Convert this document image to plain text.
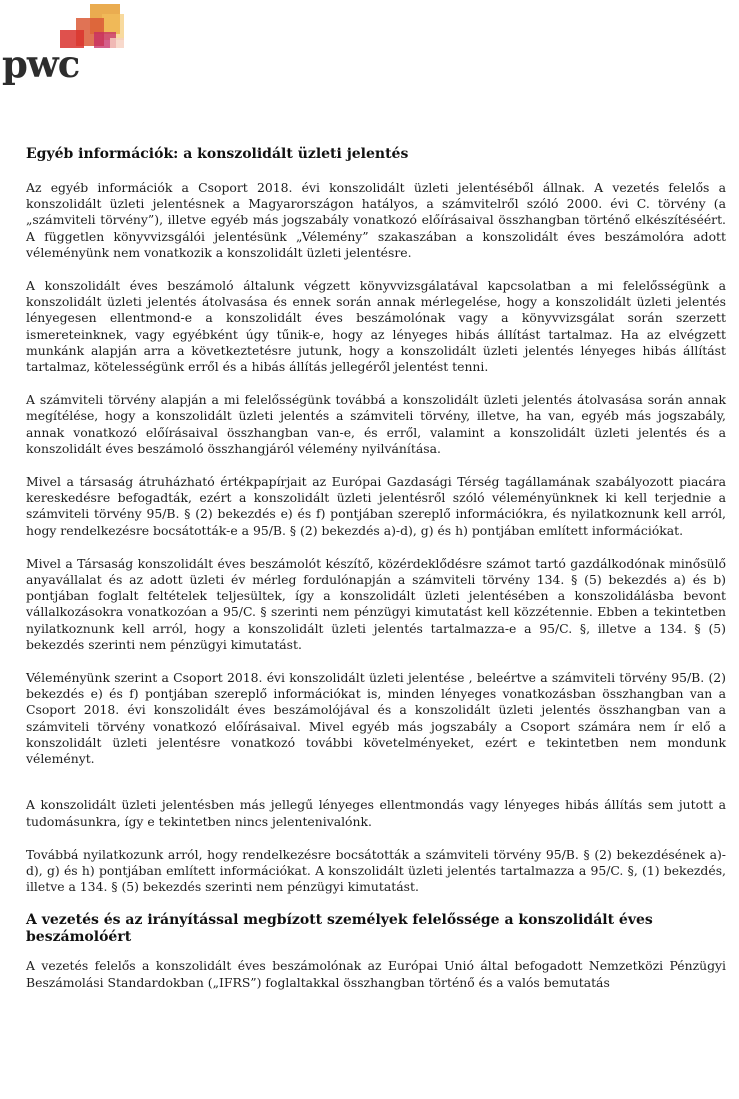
pwc
Egyéb információk: a konszolidált üzleti jelentés

Az egyéb információk a Csoport 2018. évi konszolidált üzleti jelentéséből állnak. A vezetés felelős a konszolidált üzleti jelentésnek a Magyarországon hatályos, a számvitelről szóló 2000. évi C. törvény (a „számviteli törvény”), illetve egyéb más jogszabály vonatkozó előírásaival összhangban történő elkészítéséért. A független könyvvizsgálói jelentésünk „Vélemény” szakaszában a konszolidált éves beszámolóra adott véleményünk nem vonatkozik a konszolidált üzleti jelentésre.

A konszolidált éves beszámoló általunk végzett könyvvizsgálatával kapcsolatban a mi felelősségünk a konszolidált üzleti jelentés átolvasása és ennek során annak mérlegelése, hogy a konszolidált üzleti jelentés lényegesen ellentmond-e a konszolidált éves beszámolónak vagy a könyvvizsgálat során szerzett ismereteinknek, vagy egyébként úgy tűnik-e, hogy az lényeges hibás állítást tartalmaz. Ha az elvégzett munkánk alapján arra a következtetésre jutunk, hogy a konszolidált üzleti jelentés lényeges hibás állítást tartalmaz, kötelességünk erről és a hibás állítás jellegéről jelentést tenni.

A számviteli törvény alapján a mi felelősségünk továbbá a konszolidált üzleti jelentés átolvasása során annak megítélése, hogy a konszolidált üzleti jelentés a számviteli törvény, illetve, ha van, egyéb más jogszabály, annak vonatkozó előírásaival összhangban van-e, és erről, valamint a konszolidált üzleti jelentés és a konszolidált éves beszámoló összhangjáról vélemény nyilvánítása.

Mivel a társaság átruházható értékpapírjait az Európai Gazdasági Térség tagállamának szabályozott piacára kereskedésre befogadták, ezért a konszolidált üzleti jelentésről szóló véleményünknek ki kell terjednie a számviteli törvény 95/B. § (2) bekezdés e) és f) pontjában szereplő információkra, és nyilatkoznunk kell arról, hogy rendelkezésre bocsátották-e a 95/B. § (2) bekezdés a)-d), g) és h) pontjában említett információkat.

Mivel a Társaság konszolidált éves beszámolót készítő, közérdeklődésre számot tartó gazdálkodónak minősülő anyavállalat és az adott üzleti év mérleg fordulónapján a számviteli törvény 134. § (5) bekezdés a) és b) pontjában foglalt feltételek teljesültek, így a konszolidált üzleti jelentésében a konszolidálásba bevont vállalkozásokra vonatkozóan a 95/C. § szerinti nem pénzügyi kimutatást kell közzétennie. Ebben a tekintetben nyilatkoznunk kell arról, hogy a konszolidált üzleti jelentés tartalmazza-e a 95/C. §, illetve a 134. § (5) bekezdés szerinti nem pénzügyi kimutatást.

Véleményünk szerint a Csoport 2018. évi konszolidált üzleti jelentése , beleértve a számviteli törvény 95/B. (2) bekezdés e) és f) pontjában szereplő információkat is, minden lényeges vonatkozásban összhangban van a Csoport 2018. évi konszolidált éves beszámolójával és a konszolidált üzleti jelentés összhangban van a számviteli törvény vonatkozó előírásaival. Mivel egyéb más jogszabály a Csoport számára nem ír elő a konszolidált üzleti jelentésre vonatkozó további követelményeket, ezért e tekintetben nem mondunk véleményt.

A konszolidált üzleti jelentésben más jellegű lényeges ellentmondás vagy lényeges hibás állítás sem jutott a tudomásunkra, így e tekintetben nincs jelentenivalónk.

Továbbá nyilatkozunk arról, hogy rendelkezésre bocsátották a számviteli törvény 95/B. § (2) bekezdésének a)-d), g) és h) pontjában említett információkat. A konszolidált üzleti jelentés tartalmazza a 95/C. §, (1) bekezdés, illetve a 134. § (5) bekezdés szerinti nem pénzügyi kimutatást.

A vezetés és az irányítással megbízott személyek felelőssége a konszolidált éves beszámolóért

A vezetés felelős a konszolidált éves beszámolónak az Európai Unió által befogadott Nemzetközi Pénzügyi Beszámolási Standardokban („IFRS”) foglaltakkal összhangban történő és a valós bemutatás
